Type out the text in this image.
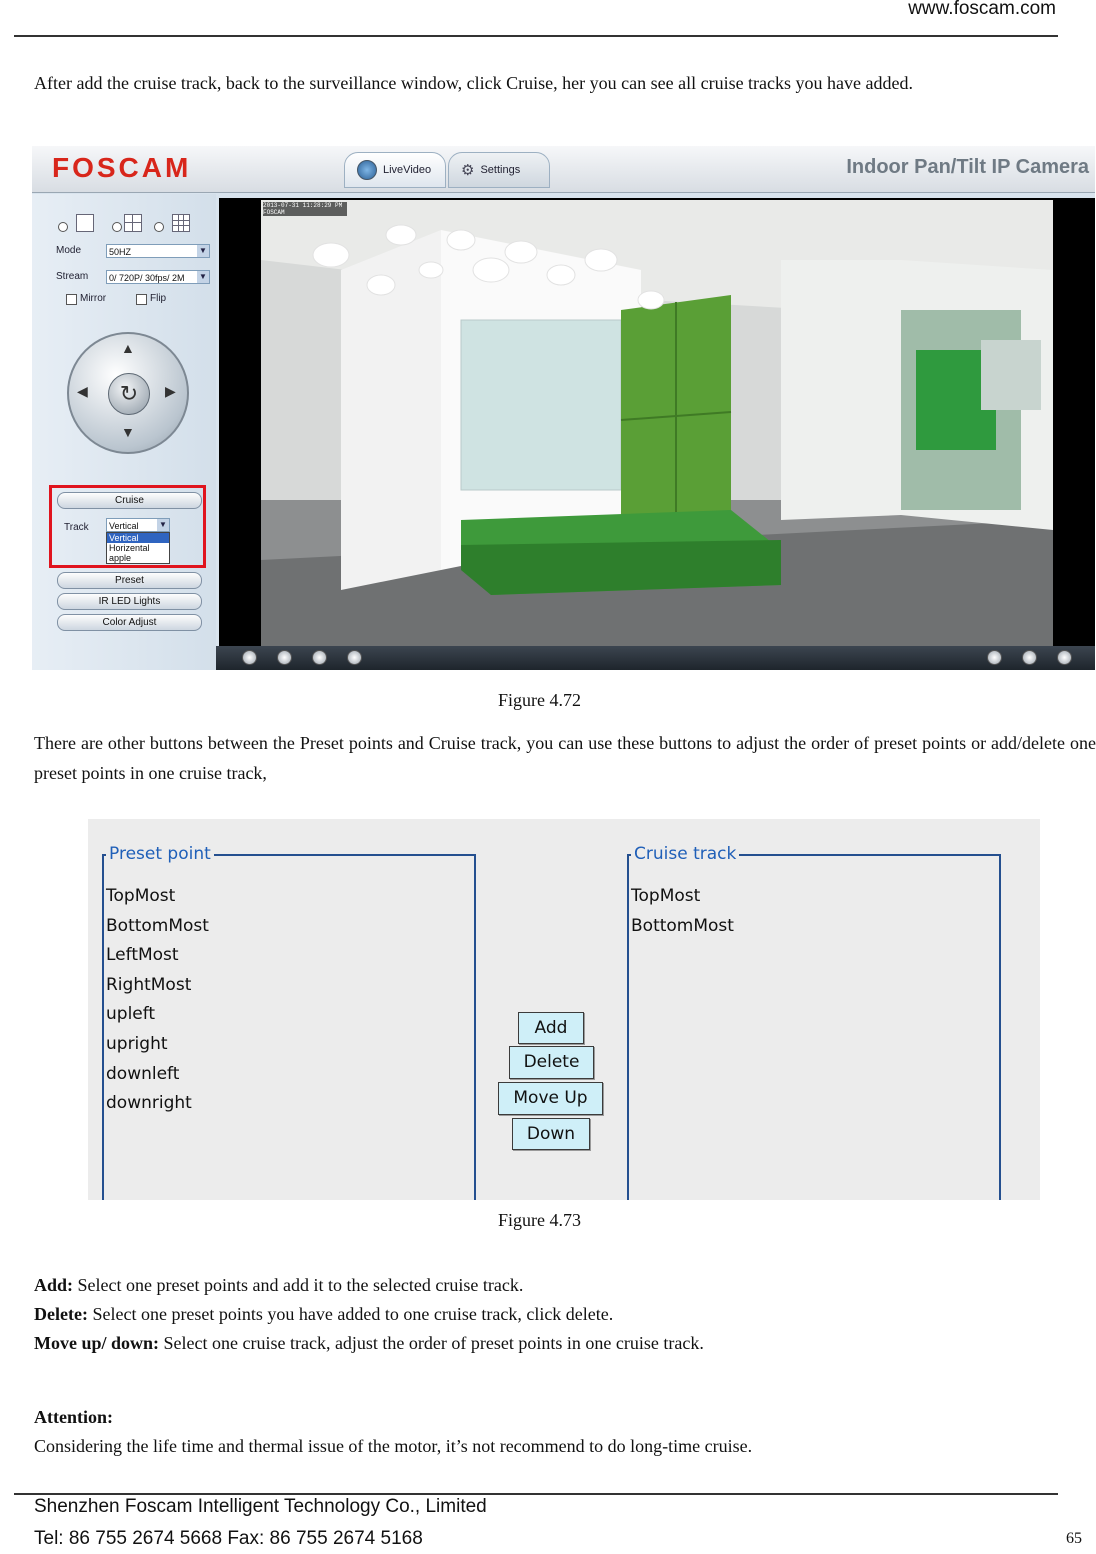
www.foscam.com
After add the cruise track, back to the surveillance window, click Cruise, her you can see all cruise tracks you have added.
FOSCAM	LiveVideo ⚙ Settings	Indoor Pan/Tilt IP Camera
Mode	50HZ	▼
Stream	0/ 720P/ 30fps/ 2M ▼
Mirror	Flip
↻
▲
▼
◀	▶
Cruise
Track	Vertical	▼
Vertical
Horizental
apple
Preset
IR LED Lights
Color Adjust
2013-07-31 11:28:29 PM
FOSCAM
Figure 4.72
There are other buttons between the Preset points and Cruise track, you can use these buttons to adjust the order of preset points or add/delete one preset points in one cruise track,
Preset point
TopMost
BottomMost
LeftMost
RightMost
upleft
upright
downleft
downright
Cruise track
TopMost
BottomMost
Add
Delete
Move Up
Down
Figure 4.73
Add: Select one preset points and add it to the selected cruise track.
Delete: Select one preset points you have added to one cruise track, click delete.
Move up/ down: Select one cruise track, adjust the order of preset points in one cruise track.
Attention:
Considering the life time and thermal issue of the motor, it’s not recommend to do long-time cruise.
Shenzhen Foscam Intelligent Technology Co., Limited
Tel: 86 755 2674 5668 Fax: 86 755 2674 5168	65
